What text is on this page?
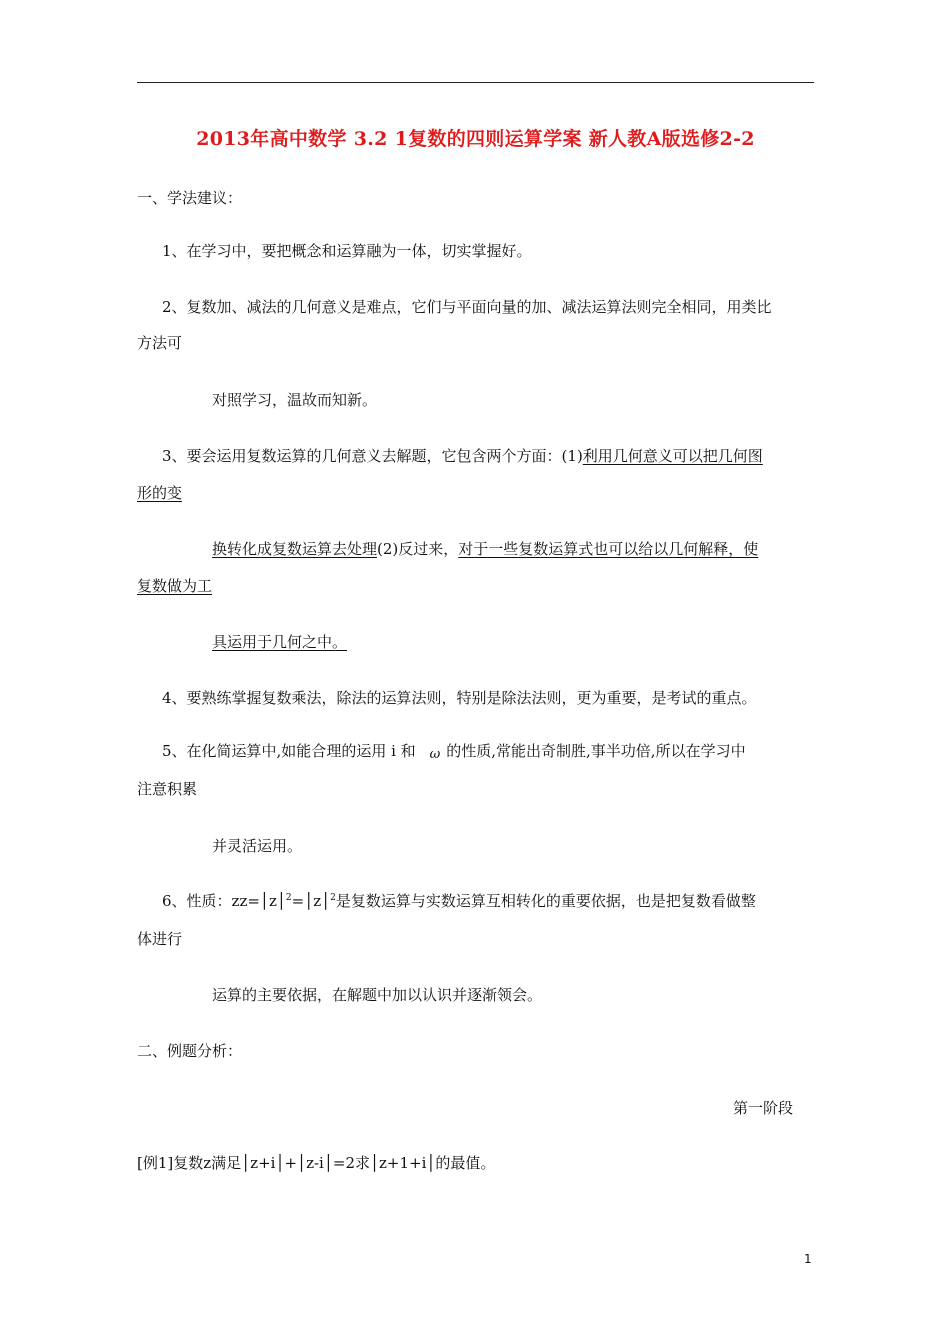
2013年高中数学 3.2 1复数的四则运算学案 新人教A版选修2-2
一、学法建议：
1、在学习中，要把概念和运算融为一体，切实掌握好。
2、复数加、减法的几何意义是难点，它们与平面向量的加、减法运算法则完全相同，用类比
方法可
对照学习，温故而知新。
3、要会运用复数运算的几何意义去解题，它包含两个方面：(1)利用几何意义可以把几何图
形的变
换转化成复数运算去处理(2)反过来，对于一些复数运算式也可以给以几何解释，使
复数做为工
具运用于几何之中。
4、要熟练掌握复数乘法，除法的运算法则，特别是除法法则，更为重要，是考试的重点。
5、在化简运算中,如能合理的运用 i 和 ω 的性质,常能出奇制胜,事半功倍,所以在学习中
注意积累
并灵活运用。
6、性质：zz=│z│$^2$=│z│$^2$是复数运算与实数运算互相转化的重要依据，也是把复数看做整
体进行
运算的主要依据，在解题中加以认识并逐渐领会。
二、例题分析：
第一阶段
[例1]复数z满足│z+i│+│z-i│=2求│z+1+i│的最值。
1
